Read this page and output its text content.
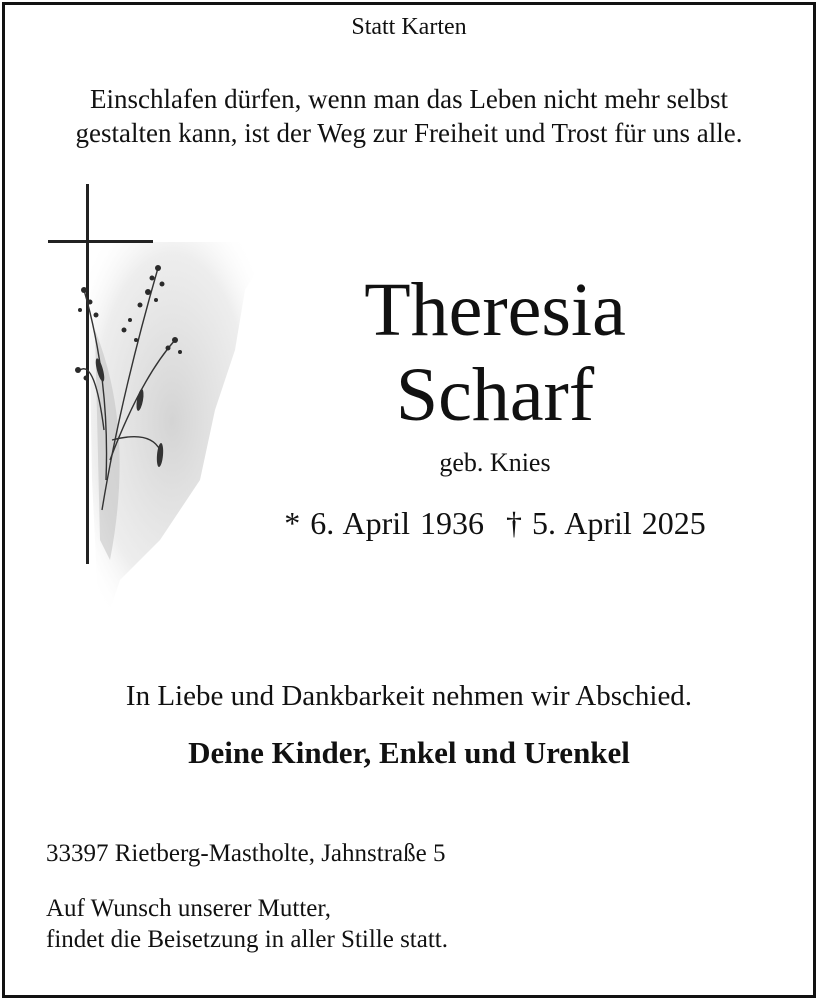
Statt Karten
Einschlafen dürfen, wenn man das Leben nicht mehr selbst
gestalten kann, ist der Weg zur Freiheit und Trost für uns alle.
Theresia
Scharf
geb. Knies
* 6. April 1936 † 5. April 2025
In Liebe und Dankbarkeit nehmen wir Abschied.
Deine Kinder, Enkel und Urenkel
33397 Rietberg-Mastholte, Jahnstraße 5
Auf Wunsch unserer Mutter,
findet die Beisetzung in aller Stille statt.
